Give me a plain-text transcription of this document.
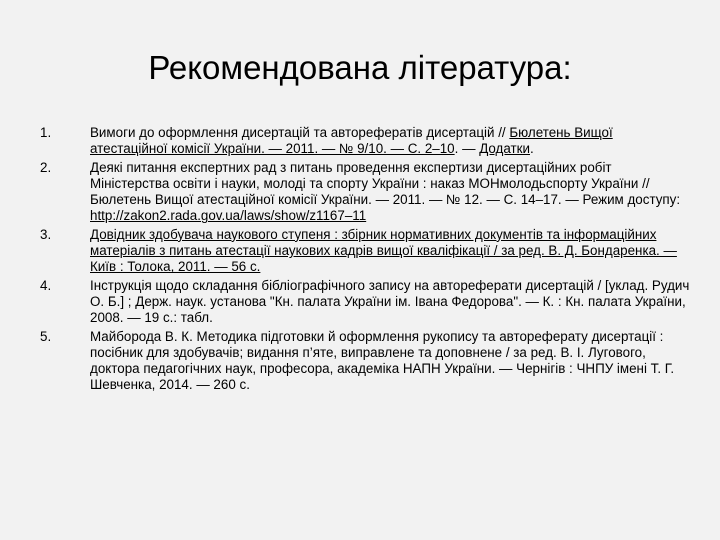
Рекомендована література:
1.	Вимоги до оформлення дисертацій та авторефератів дисертацій // Бюлетень Вищої атестаційної комісії України. — 2011. — № 9/10. — С. 2–10. — Додатки.
2.	Деякі питання експертних рад з питань проведення експертизи дисертаційних робіт Міністерства освіти і науки, молоді та спорту України : наказ МОНмолодьспорту України // Бюлетень Вищої атестаційної комісії України. — 2011. — № 12. — С. 14–17. — Режим доступу: http://zakon2.rada.gov.ua/laws/show/z1167–11
3.	Довідник здобувача наукового ступеня : збірник нормативних документів та інформаційних матеріалів з питань атестації наукових кадрів вищої кваліфікації / за ред. В. Д. Бондаренка. — Київ : Толока, 2011. — 56 с.
4.	Інструкція щодо складання бібліографічного запису на автореферати дисертацій / [уклад. Рудич О. Б.] ; Держ. наук. установа "Кн. палата України ім. Івана Федорова". — К. : Кн. палата України, 2008. — 19 с.: табл.
5.	Майборода В. К. Методика підготовки й оформлення рукопису та автореферату дисертації : посібник для здобувачів; видання п’яте, виправлене та доповнене / за ред. В. І. Лугового, доктора педагогічних наук, професора, академіка НАПН України. — Чернігів : ЧНПУ імені Т. Г. Шевченка, 2014. — 260 с.
